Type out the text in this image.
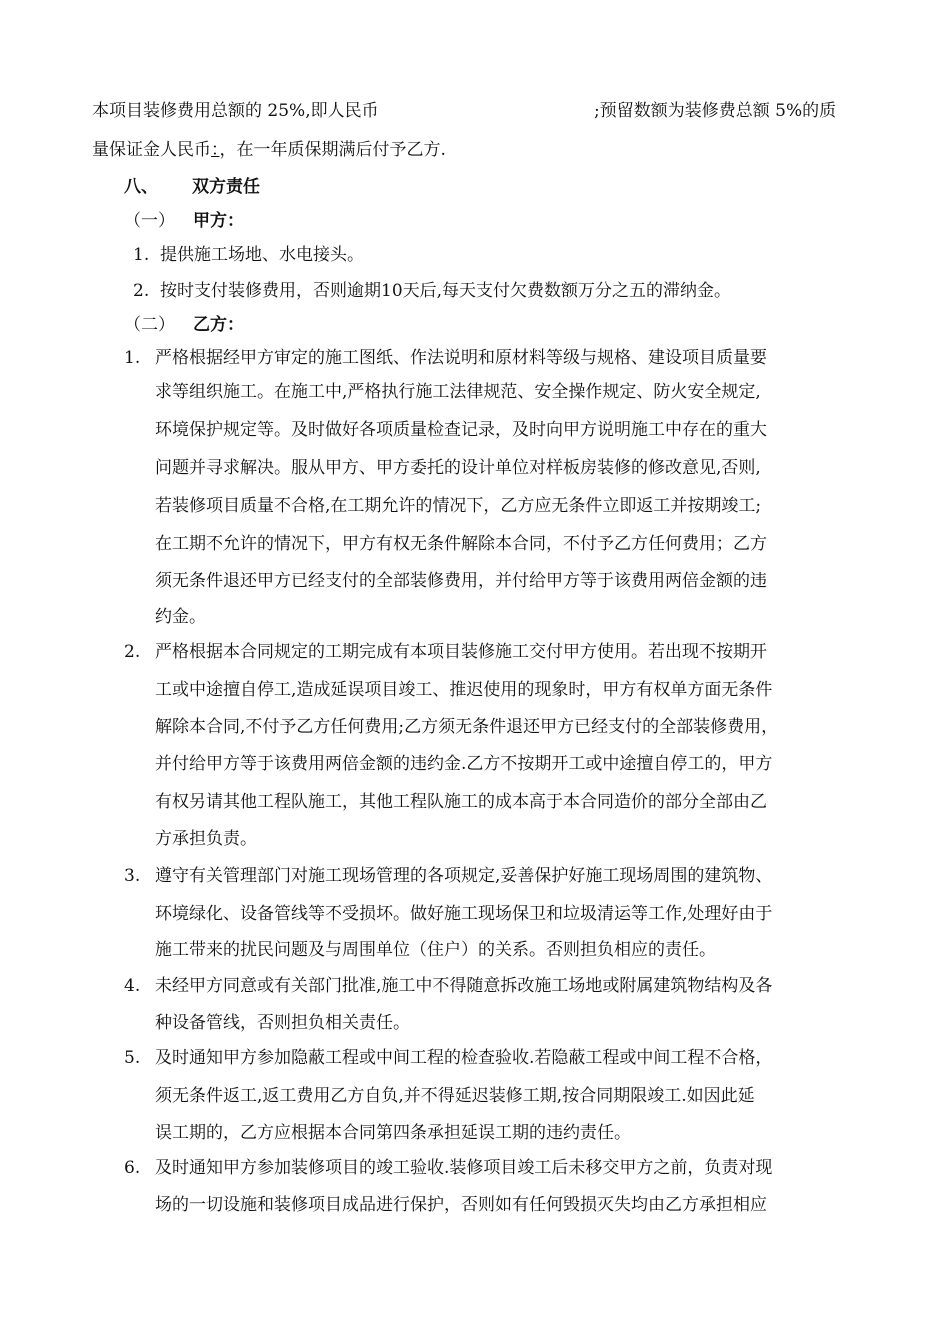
本项目装修费用总额的 25%,即人民币	;预留数额为装修费总额 5%的质
量保证金人民币：，在一年质保期满后付予乙方.
八、 双方责任
（一） 甲方：
1. 提供施工场地、水电接头。
2. 按时支付装修费用，否则逾期10天后,每天支付欠费数额万分之五的滞纳金。
（二） 乙方：
1. 严格根据经甲方审定的施工图纸、作法说明和原材料等级与规格、建设项目质量要
求等组织施工。在施工中,严格执行施工法律规范、安全操作规定、防火安全规定,
环境保护规定等。及时做好各项质量检查记录，及时向甲方说明施工中存在的重大
问题并寻求解决。服从甲方、甲方委托的设计单位对样板房装修的修改意见,否则,
若装修项目质量不合格,在工期允许的情况下，乙方应无条件立即返工并按期竣工;
在工期不允许的情况下，甲方有权无条件解除本合同，不付予乙方任何费用；乙方
须无条件退还甲方已经支付的全部装修费用，并付给甲方等于该费用两倍金额的违
约金。
2. 严格根据本合同规定的工期完成有本项目装修施工交付甲方使用。若出现不按期开
工或中途擅自停工,造成延误项目竣工、推迟使用的现象时，甲方有权单方面无条件
解除本合同,不付予乙方任何费用;乙方须无条件退还甲方已经支付的全部装修费用，
并付给甲方等于该费用两倍金额的违约金.乙方不按期开工或中途擅自停工的，甲方
有权另请其他工程队施工，其他工程队施工的成本高于本合同造价的部分全部由乙
方承担负责。
3. 遵守有关管理部门对施工现场管理的各项规定,妥善保护好施工现场周围的建筑物、
环境绿化、设备管线等不受损坏。做好施工现场保卫和垃圾清运等工作,处理好由于
施工带来的扰民问题及与周围单位（住户）的关系。否则担负相应的责任。
4. 未经甲方同意或有关部门批准,施工中不得随意拆改施工场地或附属建筑物结构及各
种设备管线，否则担负相关责任。
5. 及时通知甲方参加隐蔽工程或中间工程的检查验收.若隐蔽工程或中间工程不合格，
须无条件返工,返工费用乙方自负,并不得延迟装修工期,按合同期限竣工.如因此延
误工期的，乙方应根据本合同第四条承担延误工期的违约责任。
6. 及时通知甲方参加装修项目的竣工验收.装修项目竣工后未移交甲方之前，负责对现
场的一切设施和装修项目成品进行保护，否则如有任何毁损灭失均由乙方承担相应
